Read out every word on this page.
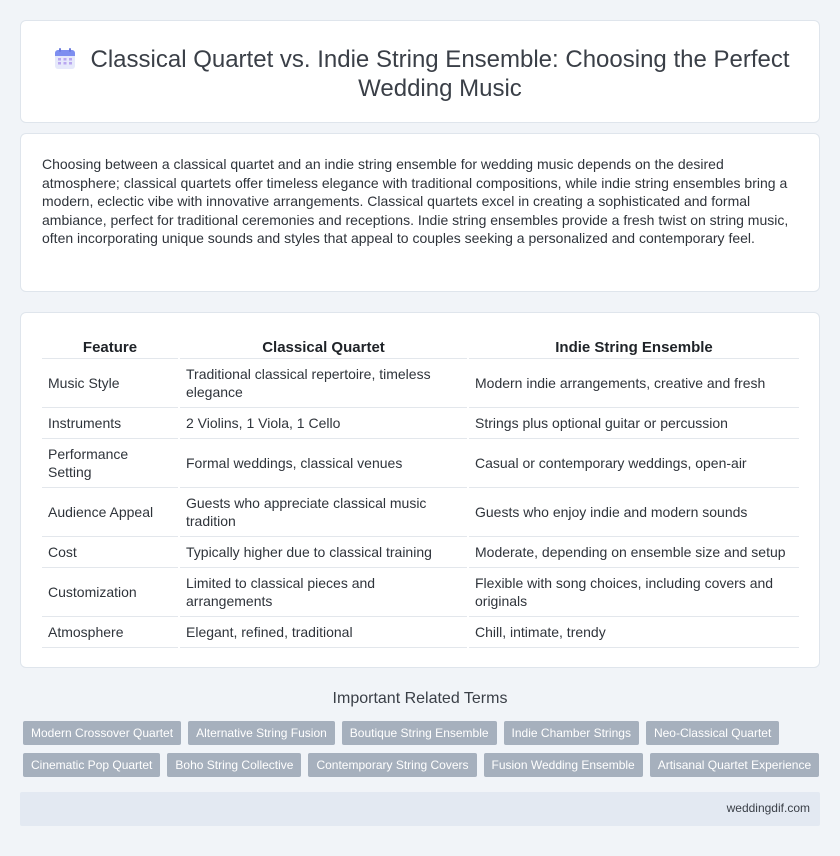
Classical Quartet vs. Indie String Ensemble: Choosing the Perfect Wedding Music

Choosing between a classical quartet and an indie string ensemble for wedding music depends on the desired atmosphere; classical quartets offer timeless elegance with traditional compositions, while indie string ensembles bring a modern, eclectic vibe with innovative arrangements. Classical quartets excel in creating a sophisticated and formal ambiance, perfect for traditional ceremonies and receptions. Indie string ensembles provide a fresh twist on string music, often incorporating unique sounds and styles that appeal to couples seeking a personalized and contemporary feel.

Feature	Classical Quartet	Indie String Ensemble
Music Style	Traditional classical repertoire, timeless elegance	Modern indie arrangements, creative and fresh
Instruments	2 Violins, 1 Viola, 1 Cello	Strings plus optional guitar or percussion
Performance Setting	Formal weddings, classical venues	Casual or contemporary weddings, open-air
Audience Appeal	Guests who appreciate classical music tradition	Guests who enjoy indie and modern sounds
Cost	Typically higher due to classical training	Moderate, depending on ensemble size and setup
Customization	Limited to classical pieces and arrangements	Flexible with song choices, including covers and originals
Atmosphere	Elegant, refined, traditional	Chill, intimate, trendy
Important Related Terms
Modern Crossover Quartet	Alternative String Fusion	Boutique String Ensemble	Indie Chamber Strings	Neo-Classical Quartet
Cinematic Pop Quartet	Boho String Collective	Contemporary String Covers	Fusion Wedding Ensemble	Artisanal Quartet Experience
weddingdif.com
